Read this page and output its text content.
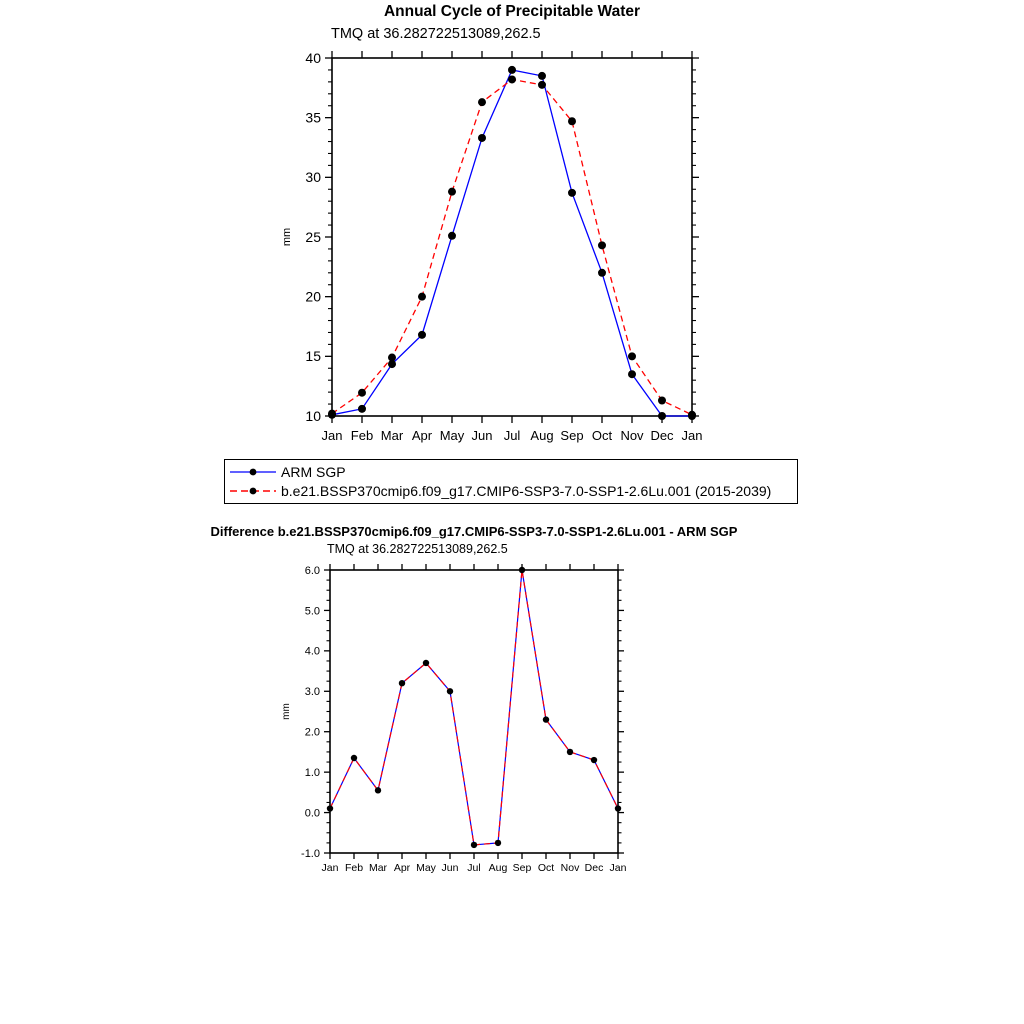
10
15
20
25
30
35
40
Jan Feb Mar Apr May Jun Jul Aug Sep Oct Nov Dec Jan
mm
-1.0
0.0
1.0
2.0
3.0
4.0
5.0
6.0
Jan Feb Mar Apr May Jun Jul Aug Sep Oct Nov Dec Jan
mm
Annual Cycle of Precipitable Water
TMQ at 36.282722513089,262.5
ARM SGP
b.e21.BSSP370cmip6.f09_g17.CMIP6-SSP3-7.0-SSP1-2.6Lu.001 (2015-2039)
Difference b.e21.BSSP370cmip6.f09_g17.CMIP6-SSP3-7.0-SSP1-2.6Lu.001 - ARM SGP
TMQ at 36.282722513089,262.5
